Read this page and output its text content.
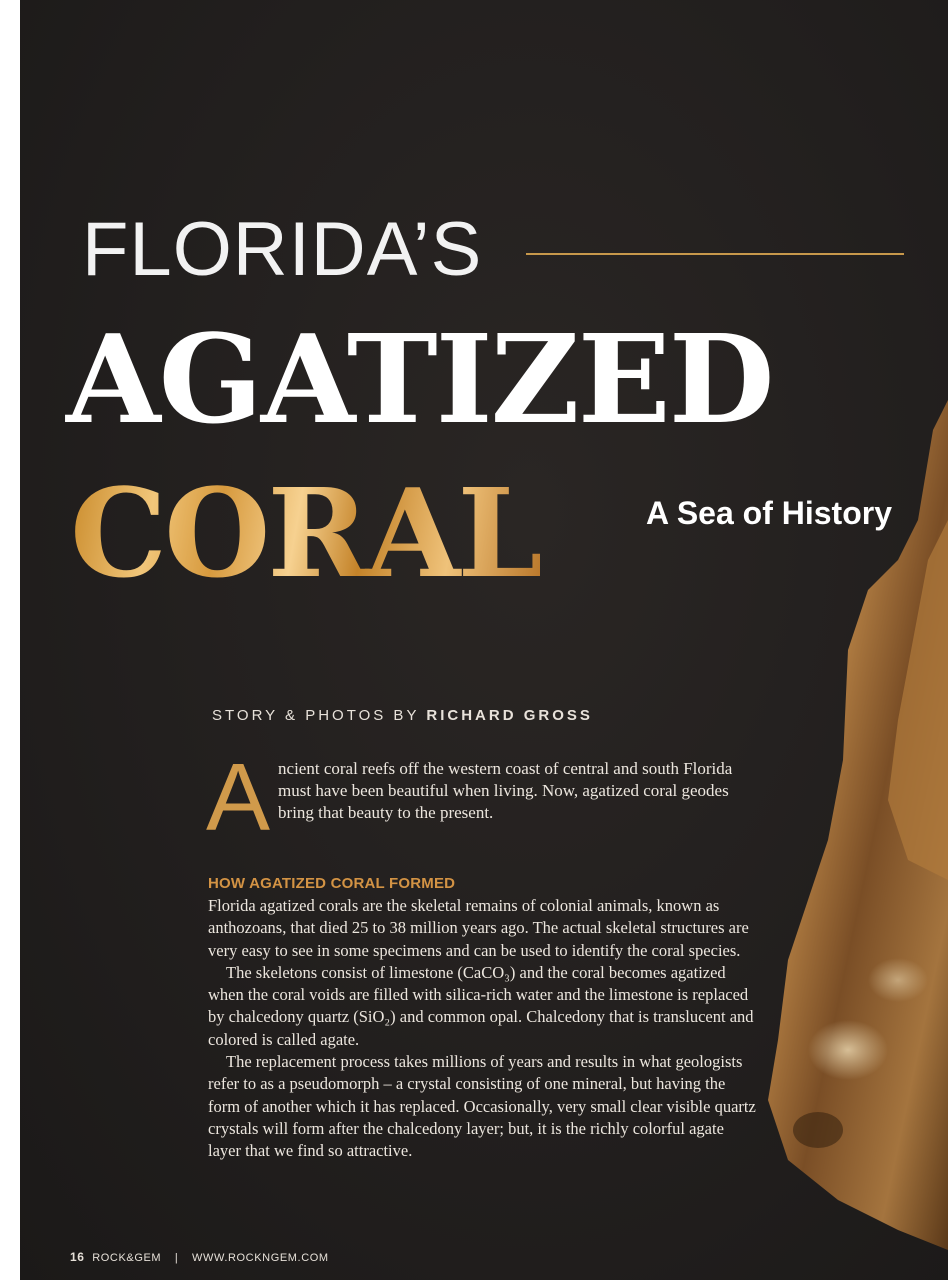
FLORIDA’S
AGATIZED
CORAL	A Sea of History
STORY & PHOTOS BY RICHARD GROSS
Ancient coral reefs off the western coast of central and south Florida must have been beautiful when living. Now, agatized coral geodes bring that beauty to the present.
HOW AGATIZED CORAL FORMED

Florida agatized corals are the skeletal remains of colonial animals, known as anthozoans, that died 25 to 38 million years ago. The actual skeletal structures are very easy to see in some specimens and can be used to identify the coral species.

The skeletons consist of limestone (CaCO₃) and the coral becomes agatized when the coral voids are filled with silica-rich water and the limestone is replaced by chalcedony quartz (SiO₂) and common opal. Chalcedony that is translucent and colored is called agate.

The replacement process takes millions of years and results in what geologists refer to as a pseudomorph – a crystal consisting of one mineral, but having the form of another which it has replaced. Occasionally, very small clear visible quartz crystals will form after the chalcedony layer; but, it is the richly colorful agate layer that we find so attractive.

16 ROCK&GEM | WWW.ROCKNGEM.COM
